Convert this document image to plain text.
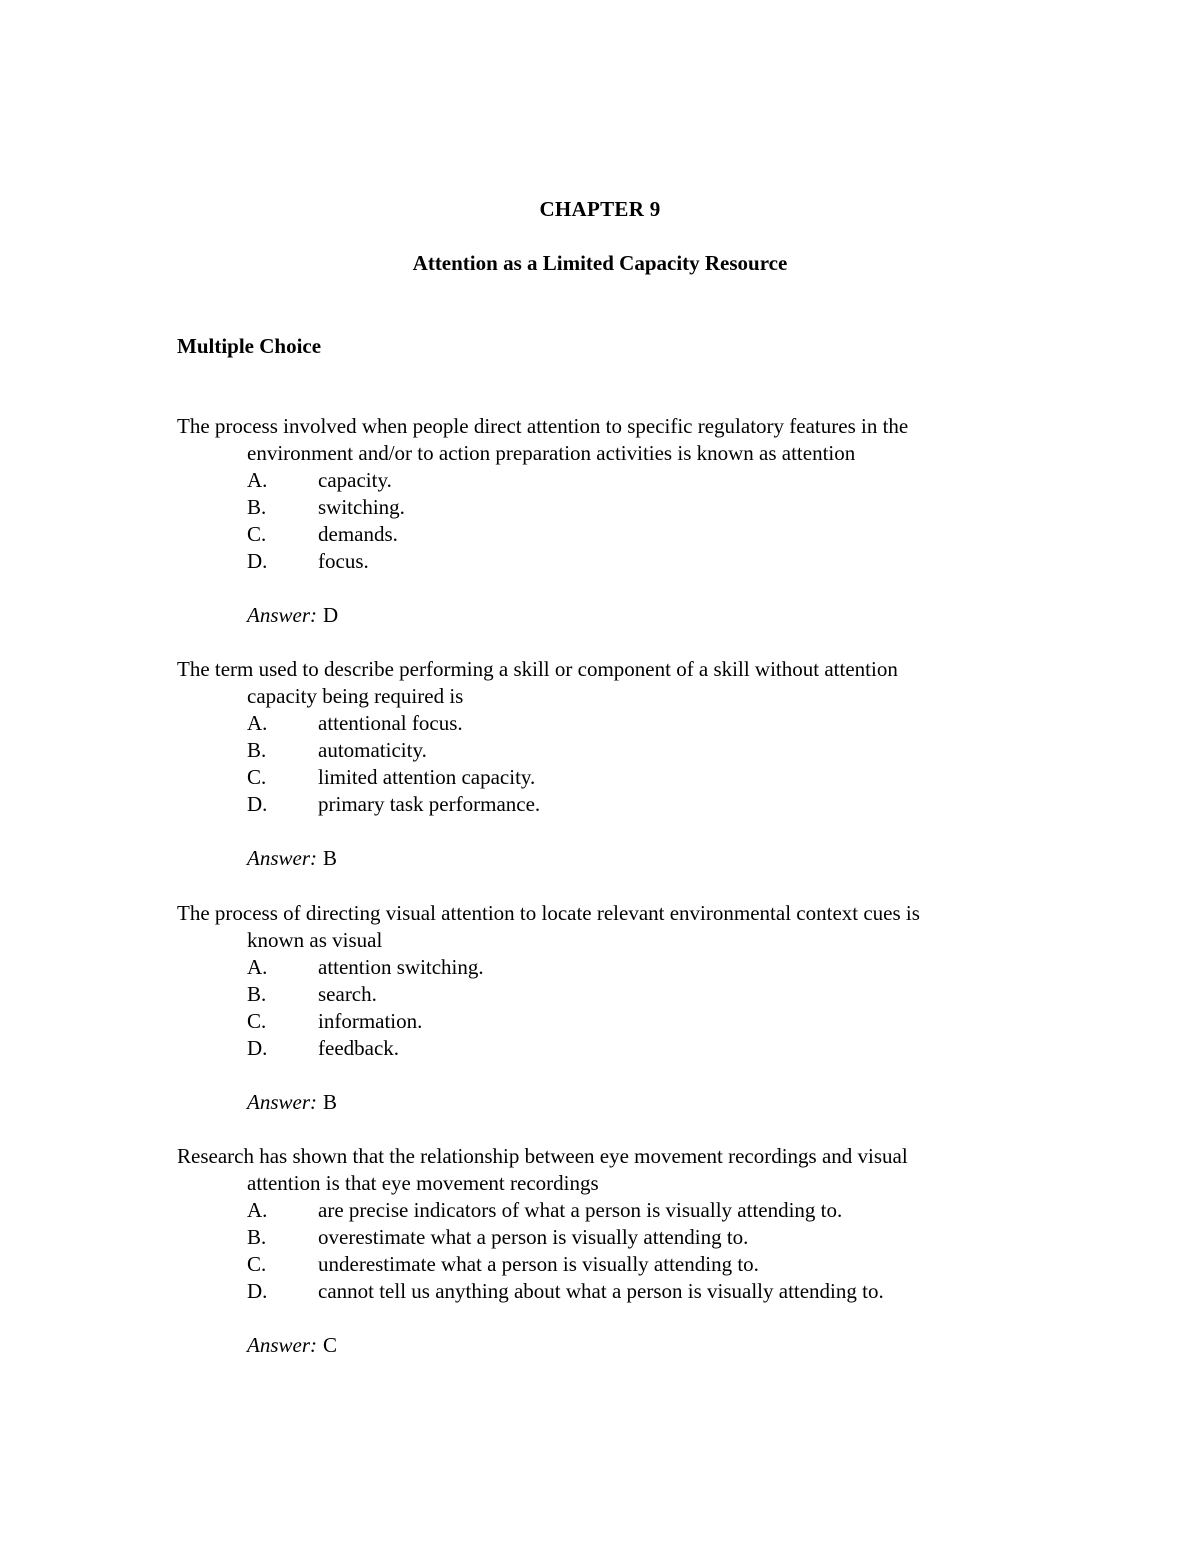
CHAPTER 9
Attention as a Limited Capacity Resource
Multiple Choice
The process involved when people direct attention to specific regulatory features in the
environment and/or to action preparation activities is known as attention
A.	capacity.
B.	switching.
C.	demands.
D.	focus.
Answer: D
The term used to describe performing a skill or component of a skill without attention
capacity being required is
A.	attentional focus.
B.	automaticity.
C.	limited attention capacity.
D.	primary task performance.
Answer: B
The process of directing visual attention to locate relevant environmental context cues is
known as visual
A.	attention switching.
B.	search.
C.	information.
D.	feedback.
Answer: B
Research has shown that the relationship between eye movement recordings and visual
attention is that eye movement recordings
A.	are precise indicators of what a person is visually attending to.
B.	overestimate what a person is visually attending to.
C.	underestimate what a person is visually attending to.
D.	cannot tell us anything about what a person is visually attending to.
Answer: C
